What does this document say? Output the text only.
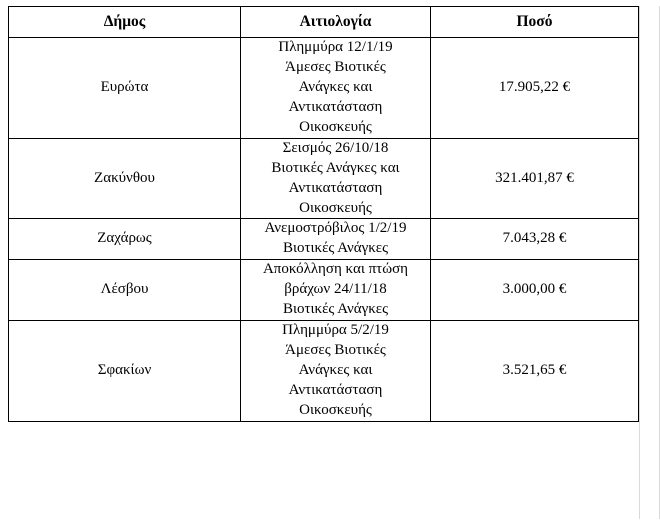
Δήμος	Αιτιολογία	Ποσό
Ευρώτα	Πλημμύρα 12/1/19
Άμεσες Βιοτικές
Ανάγκες και
Αντικατάσταση
Οικοσκευής	17.905,22 €
Ζακύνθου	Σεισμός 26/10/18
Βιοτικές Ανάγκες και
Αντικατάσταση
Οικοσκευής	321.401,87 €
Ζαχάρως	Ανεμοστρόβιλος 1/2/19
Βιοτικές Ανάγκες	7.043,28 €
Λέσβου	Αποκόλληση και πτώση
βράχων 24/11/18
Βιοτικές Ανάγκες	3.000,00 €
Σφακίων	Πλημμύρα 5/2/19
Άμεσες Βιοτικές
Ανάγκες και
Αντικατάσταση
Οικοσκευής	3.521,65 €
